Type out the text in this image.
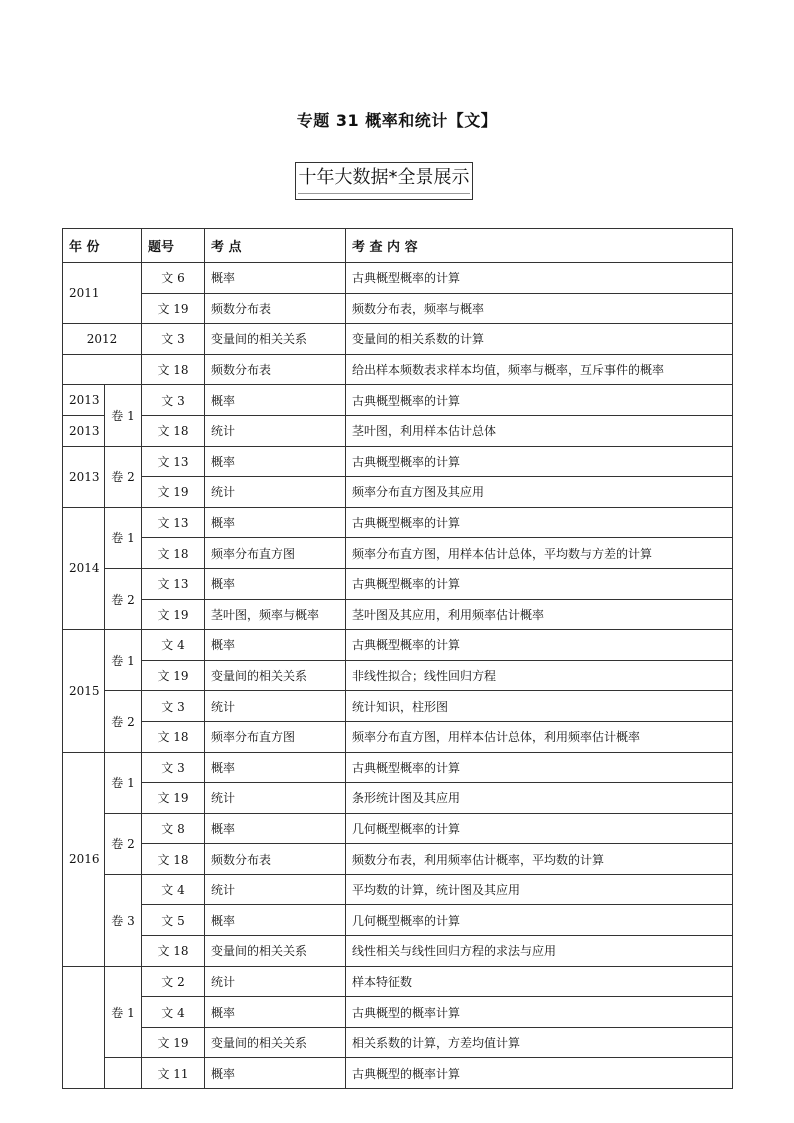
专题 31 概率和统计【文】
十年大数据*全景展示
年 份		题号	考 点	考 查 内 容
2011		文 6	概率	古典概型概率的计算
		文 19	频数分布表	频数分布表，频率与概率
2012		文 3	变量间的相关关系	变量间的相关系数的计算
		文 18	频数分布表	给出样本频数表求样本均值，频率与概率，互斥事件的概率
2013	卷 1	文 3	概率	古典概型概率的计算
2013		文 18	统计	茎叶图，利用样本估计总体
2013	卷 2	文 13	概率	古典概型概率的计算
		文 19	统计	频率分布直方图及其应用
2014	卷 1	文 13	概率	古典概型概率的计算
		文 18	频率分布直方图	频率分布直方图，用样本估计总体，平均数与方差的计算
	卷 2	文 13	概率	古典概型概率的计算
		文 19	茎叶图，频率与概率	茎叶图及其应用，利用频率估计概率
2015	卷 1	文 4	概率	古典概型概率的计算
		文 19	变量间的相关关系	非线性拟合；线性回归方程
	卷 2	文 3	统计	统计知识，柱形图
		文 18	频率分布直方图	频率分布直方图，用样本估计总体，利用频率估计概率
2016	卷 1	文 3	概率	古典概型概率的计算
		文 19	统计	条形统计图及其应用
	卷 2	文 8	概率	几何概型概率的计算
		文 18	频数分布表	频数分布表，利用频率估计概率，平均数的计算
	卷 3	文 4	统计	平均数的计算，统计图及其应用
		文 5	概率	几何概型概率的计算
		文 18	变量间的相关关系	线性相关与线性回归方程的求法与应用
	卷 1	文 2	统计	样本特征数
		文 4	概率	古典概型的概率计算
		文 19	变量间的相关关系	相关系数的计算，方差均值计算
		文 11	概率	古典概型的概率计算
